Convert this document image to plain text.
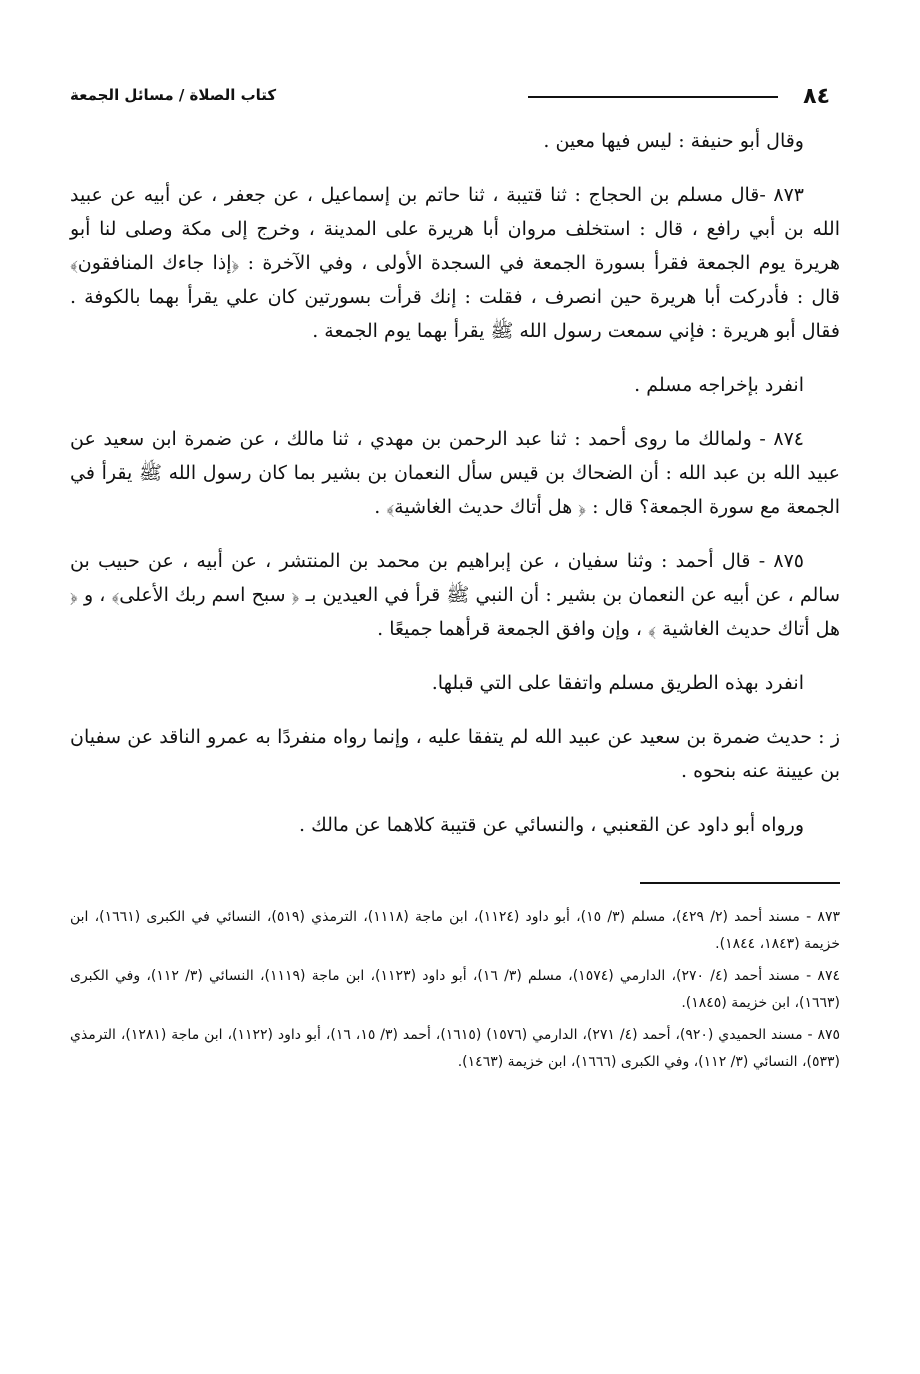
٨٤
كتاب الصلاة / مسائل الجمعة

وقال أبو حنيفة : ليس فيها معين .

٨٧٣ -قال مسلم بن الحجاج : ثنا قتيبة ، ثنا حاتم بن إسماعيل ، عن جعفر ، عن أبيه عن عبيد الله بن أبي رافع ، قال : استخلف مروان أبا هريرة على المدينة ، وخرج إلى مكة وصلى لنا أبو هريرة يوم الجمعة فقرأ بسورة الجمعة في السجدة الأولى ، وفي الآخرة : ﴿إذا جاءك المنافقون﴾ قال : فأدركت أبا هريرة حين انصرف ، فقلت : إنك قرأت بسورتين كان علي يقرأ بهما بالكوفة . فقال أبو هريرة : فإني سمعت رسول الله ﷺ يقرأ بهما يوم الجمعة .

انفرد بإخراجه مسلم .

٨٧٤ - ولمالك ما روى أحمد : ثنا عبد الرحمن بن مهدي ، ثنا مالك ، عن ضمرة ابن سعيد عن عبيد الله بن عبد الله : أن الضحاك بن قيس سأل النعمان بن بشير بما كان رسول الله ﷺ يقرأ في الجمعة مع سورة الجمعة؟ قال : ﴿ هل أتاك حديث الغاشية﴾ .

٨٧٥ - قال أحمد : وثنا سفيان ، عن إبراهيم بن محمد بن المنتشر ، عن أبيه ، عن حبيب بن سالم ، عن أبيه عن النعمان بن بشير : أن النبي ﷺ قرأ في العيدين بـ ﴿ سبح اسم ربك الأعلى﴾ ، و ﴿ هل أتاك حديث الغاشية ﴾ ، وإن وافق الجمعة قرأهما جميعًا .

انفرد بهذه الطريق مسلم واتفقا على التي قبلها.

ز : حديث ضمرة بن سعيد عن عبيد الله لم يتفقا عليه ، وإنما رواه منفردًا به عمرو الناقد عن سفيان بن عيينة عنه بنحوه .

ورواه أبو داود عن القعنبي ، والنسائي عن قتيبة كلاهما عن مالك .

٨٧٣ - مسند أحمد (٢/ ٤٢٩)، مسلم (٣/ ١٥)، أبو داود (١١٢٤)، ابن ماجة (١١١٨)، الترمذي (٥١٩)، النسائي في الكبرى (١٦٦١)، ابن خزيمة (١٨٤٣، ١٨٤٤).

٨٧٤ - مسند أحمد (٤/ ٢٧٠)، الدارمي (١٥٧٤)، مسلم (٣/ ١٦)، أبو داود (١١٢٣)، ابن ماجة (١١١٩)، النسائي (٣/ ١١٢)، وفي الكبرى (١٦٦٣)، ابن خزيمة (١٨٤٥).

٨٧٥ - مسند الحميدي (٩٢٠)، أحمد (٤/ ٢٧١)، الدارمي (١٥٧٦) (١٦١٥)، أحمد (٣/ ١٥، ١٦)، أبو داود (١١٢٢)، ابن ماجة (١٢٨١)، الترمذي (٥٣٣)، النسائي (٣/ ١١٢)، وفي الكبرى (١٦٦٦)، ابن خزيمة (١٤٦٣).
